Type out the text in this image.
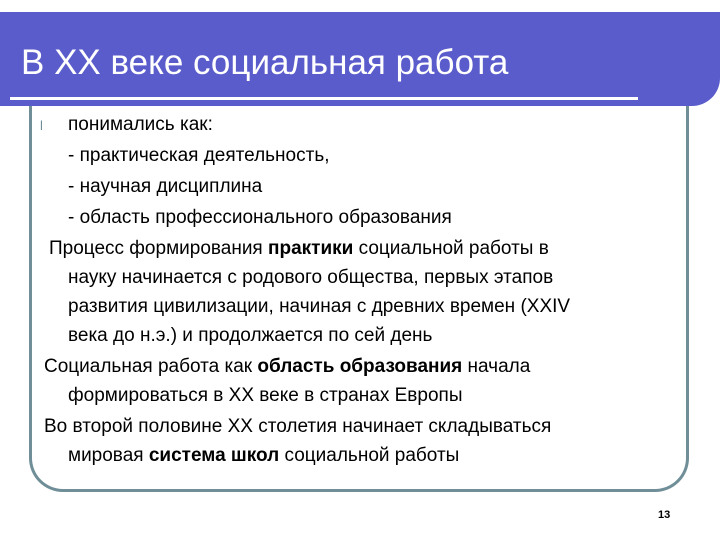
В XX веке социальная работа
l понимались как:
- практическая деятельность,
- научная дисциплина
- область профессионального образования
Процесс формирования практики социальной работы в
науку начинается с родового общества, первых этапов
развития цивилизации, начиная с древних времен (XXIV
века до н.э.) и продолжается по сей день
Социальная работа как область образования начала
формироваться в XX веке в странах Европы
Во второй половине XX столетия начинает складываться
мировая система школ социальной работы
13
